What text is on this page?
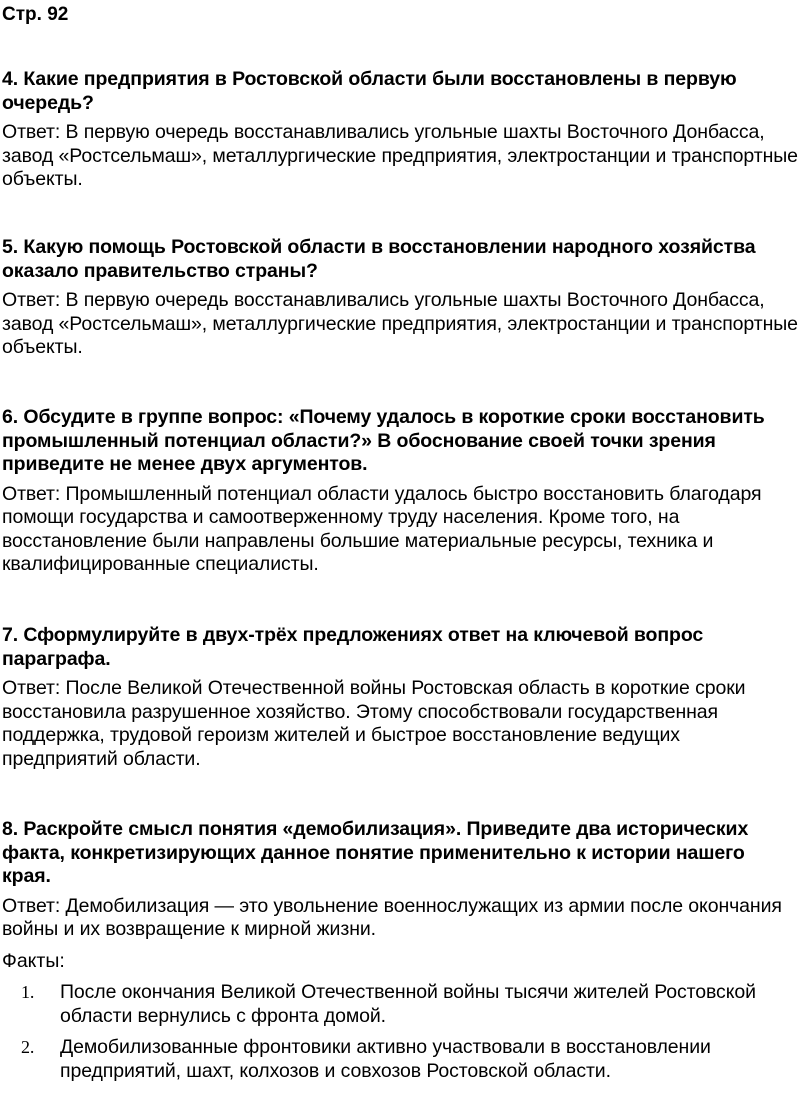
Стр. 92

4. Какие предприятия в Ростовской области были восстановлены в первую очередь?

Ответ: В первую очередь восстанавливались угольные шахты Восточного Донбасса, завод «Ростсельмаш», металлургические предприятия, электростанции и транспортные объекты.

5. Какую помощь Ростовской области в восстановлении народного хозяйства оказало правительство страны?

Ответ: В первую очередь восстанавливались угольные шахты Восточного Донбасса, завод «Ростсельмаш», металлургические предприятия, электростанции и транспортные объекты.

6. Обсудите в группе вопрос: «Почему удалось в короткие сроки восстановить промышленный потенциал области?» В обоснование своей точки зрения приведите не менее двух аргументов.

Ответ: Промышленный потенциал области удалось быстро восстановить благодаря помощи государства и самоотверженному труду населения. Кроме того, на восстановление были направлены большие материальные ресурсы, техника и квалифицированные специалисты.

7. Сформулируйте в двух-трёх предложениях ответ на ключевой вопрос параграфа.

Ответ: После Великой Отечественной войны Ростовская область в короткие сроки восстановила разрушенное хозяйство. Этому способствовали государственная поддержка, трудовой героизм жителей и быстрое восстановление ведущих предприятий области.

8. Раскройте смысл понятия «демобилизация». Приведите два исторических факта, конкретизирующих данное понятие применительно к истории нашего края.

Ответ: Демобилизация — это увольнение военнослужащих из армии после окончания войны и их возвращение к мирной жизни.

Факты:

1. После окончания Великой Отечественной войны тысячи жителей Ростовской области вернулись с фронта домой.
2. Демобилизованные фронтовики активно участвовали в восстановлении предприятий, шахт, колхозов и совхозов Ростовской области.
